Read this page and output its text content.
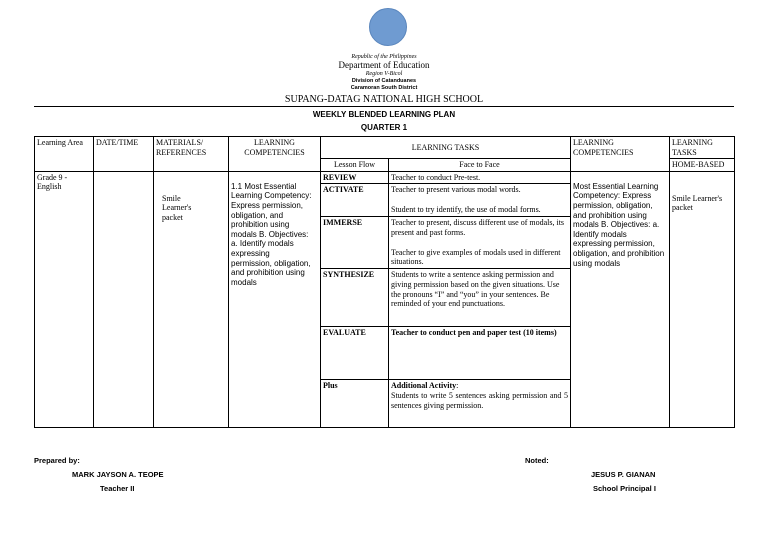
Republic of the Philippines
Department of Education
Region V-Bicol
Division of Catanduanes
Caramoran South District
SUPANG-DATAG NATIONAL HIGH SCHOOL
WEEKLY BLENDED LEARNING PLAN
QUARTER 1
Learning Area	DATE/TIME	MATERIALS/ REFERENCES	LEARNING COMPETENCIES	LEARNING TASKS		LEARNING COMPETENCIES	LEARNING TASKS
				Lesson Flow	Face to Face		HOME-BASED
Grade 9 - English		Smile Learner's packet	1.1 Most Essential Learning Competency: Express permission, obligation, and prohibition using modals B. Objectives: a. Identify modals expressing permission, obligation, and prohibition using modals	REVIEW	Teacher to conduct Pre-test.	Most Essential Learning Competency: Express permission, obligation, and prohibition using modals B. Objectives: a. Identify modals expressing permission, obligation, and prohibition using modals	Smile Learner's packet
				ACTIVATE	Teacher to present various modal words.
Student to try identify, the use of modal forms.		

				IMMERSE	Teacher to present, discuss different use of modals, its present and past forms.
Teacher to give examples of modals used in different situations.		

				SYNTHESIZE	Students to write a sentence asking permission and giving permission based on the given situations. Use the pronouns “I” and “you” in your sentences. Be reminded of your end punctuations.		
				EVALUATE	Teacher to conduct pen and paper test (10 items)		
				Plus	Additional Activity:
Students to write 5 sentences asking permission and 5 sentences giving permission.		
Prepared by:
MARK JAYSON A. TEOPE
Teacher II
Noted:
JESUS P. GIANAN
School Principal I
